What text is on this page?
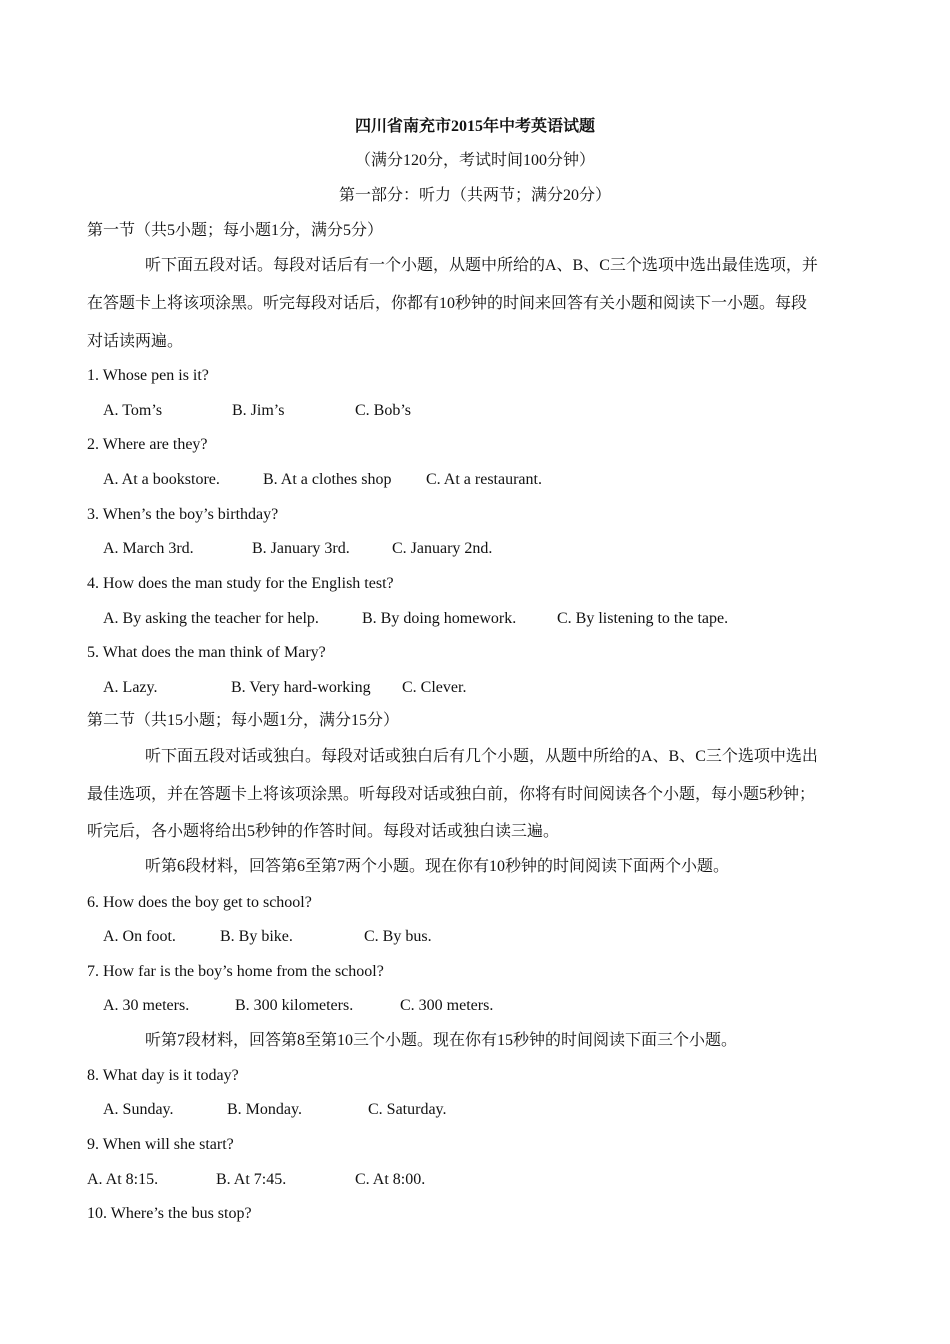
四川省南充市2015年中考英语试题
（满分120分，考试时间100分钟）
第一部分：听力（共两节；满分20分）
第一节（共5小题；每小题1分，满分5分）
听下面五段对话。每段对话后有一个小题，从题中所给的A、B、C三个选项中选出最佳选项，并
在答题卡上将该项涂黑。听完每段对话后，你都有10秒钟的时间来回答有关小题和阅读下一小题。每段
对话读两遍。
1. Whose pen is it?
A. Tom’s	B. Jim’s	C. Bob’s
2. Where are they?
A. At a bookstore.	B. At a clothes shop C. At a restaurant.
3. When’s the boy’s birthday?
A. March 3rd.	B. January 3rd.	C. January 2nd.
4. How does the man study for the English test?
A. By asking the teacher for help.	B. By doing homework.	C. By listening to the tape.
5. What does the man think of Mary?
A. Lazy.	B. Very hard-working C. Clever.
第二节（共15小题；每小题1分，满分15分）
听下面五段对话或独白。每段对话或独白后有几个小题，从题中所给的A、B、C三个选项中选出
最佳选项，并在答题卡上将该项涂黑。听每段对话或独白前，你将有时间阅读各个小题，每小题5秒钟；
听完后，各小题将给出5秒钟的作答时间。每段对话或独白读三遍。
听第6段材料，回答第6至第7两个小题。现在你有10秒钟的时间阅读下面两个小题。
6. How does the boy get to school?
A. On foot.	B. By bike.	C. By bus.
7. How far is the boy’s home from the school?
A. 30 meters.	B. 300 kilometers.	C. 300 meters.
听第7段材料，回答第8至第10三个小题。现在你有15秒钟的时间阅读下面三个小题。
8. What day is it today?
A. Sunday.	B. Monday.	C. Saturday.
9. When will she start?
A. At 8:15.	B. At 7:45.	C. At 8:00.
10. Where’s the bus stop?
